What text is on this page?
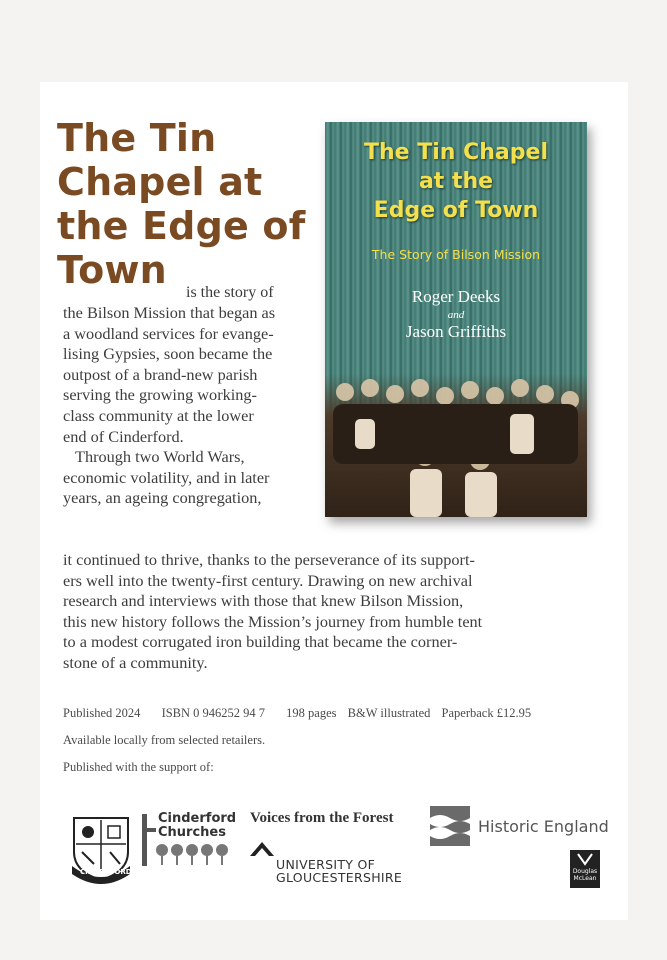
The Tin
Chapel at
the Edge of
Town
is the story of
the Bilson Mission that began as
a woodland services for evange-
lising Gypsies, soon became the
outpost of a brand-new parish
serving the growing working-
class community at the lower
end of Cinderford.
Through two World Wars,
economic volatility, and in later
years, an ageing congregation,
it continued to thrive, thanks to the perseverance of its support-
ers well into the twenty-first century. Drawing on new archival
research and interviews with those that knew Bilson Mission,
this new history follows the Mission’s journey from humble tent
to a modest corrugated iron building that became the corner-
stone of a community.
The Tin Chapel
at the
Edge of Town
The Story of Bilson Mission
Roger Deeks
and
Jason Griffiths
Published 2024 ISBN 0 946252 94 7 198 pages B&W illustrated Paperback £12.95
Available locally from selected retailers.
Published with the support of:
CINDERFORD
Cinderford
Churches
Voices from the Forest
UNIVERSITY OF
GLOUCESTERSHIRE
Historic England
Douglas
McLean
